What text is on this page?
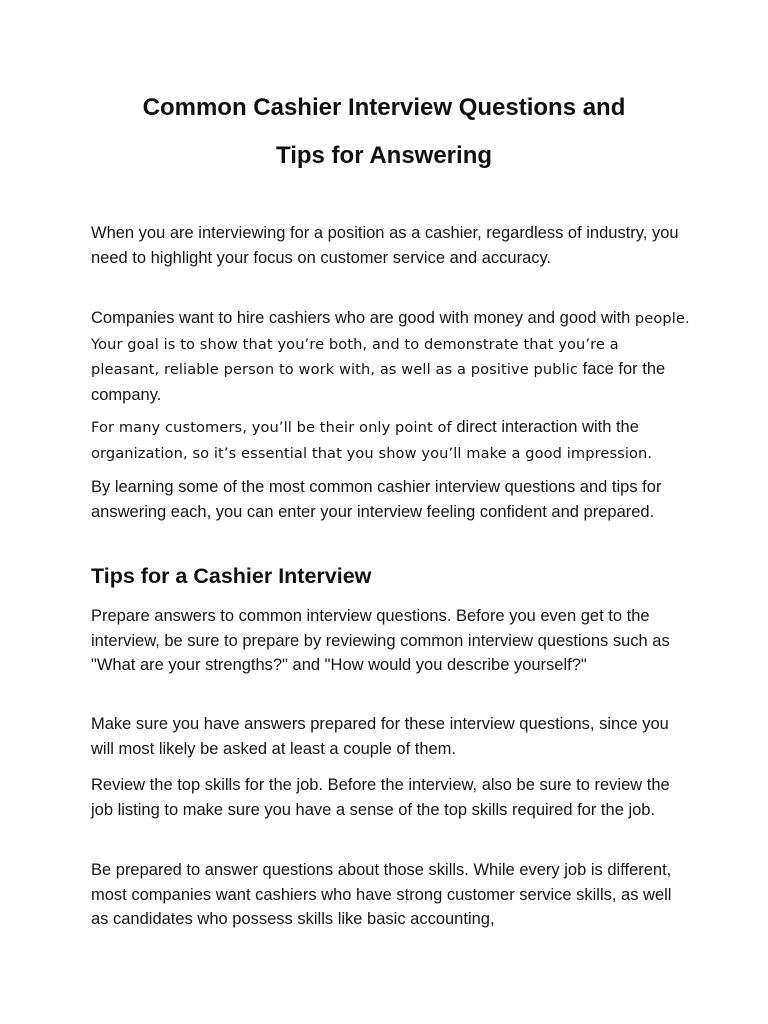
Common Cashier Interview Questions and
Tips for Answering

When you are interviewing for a position as a cashier, regardless of industry, you need to highlight your focus on customer service and accuracy.

Companies want to hire cashiers who are good with money and good with people. Your goal is to show that you’re both, and to demonstrate that you’re a pleasant, reliable person to work with, as well as a positive public face for the company.

For many customers, you’ll be their only point of direct interaction with the organization, so it’s essential that you show you’ll make a good impression.

By learning some of the most common cashier interview questions and tips for answering each, you can enter your interview feeling confident and prepared.

Tips for a Cashier Interview

Prepare answers to common interview questions. Before you even get to the interview, be sure to prepare by reviewing common interview questions such as "What are your strengths?" and "How would you describe yourself?"

Make sure you have answers prepared for these interview questions, since you will most likely be asked at least a couple of them.

Review the top skills for the job. Before the interview, also be sure to review the job listing to make sure you have a sense of the top skills required for the job.

Be prepared to answer questions about those skills. While every job is different, most companies want cashiers who have strong customer service skills, as well as candidates who possess skills like basic accounting,
